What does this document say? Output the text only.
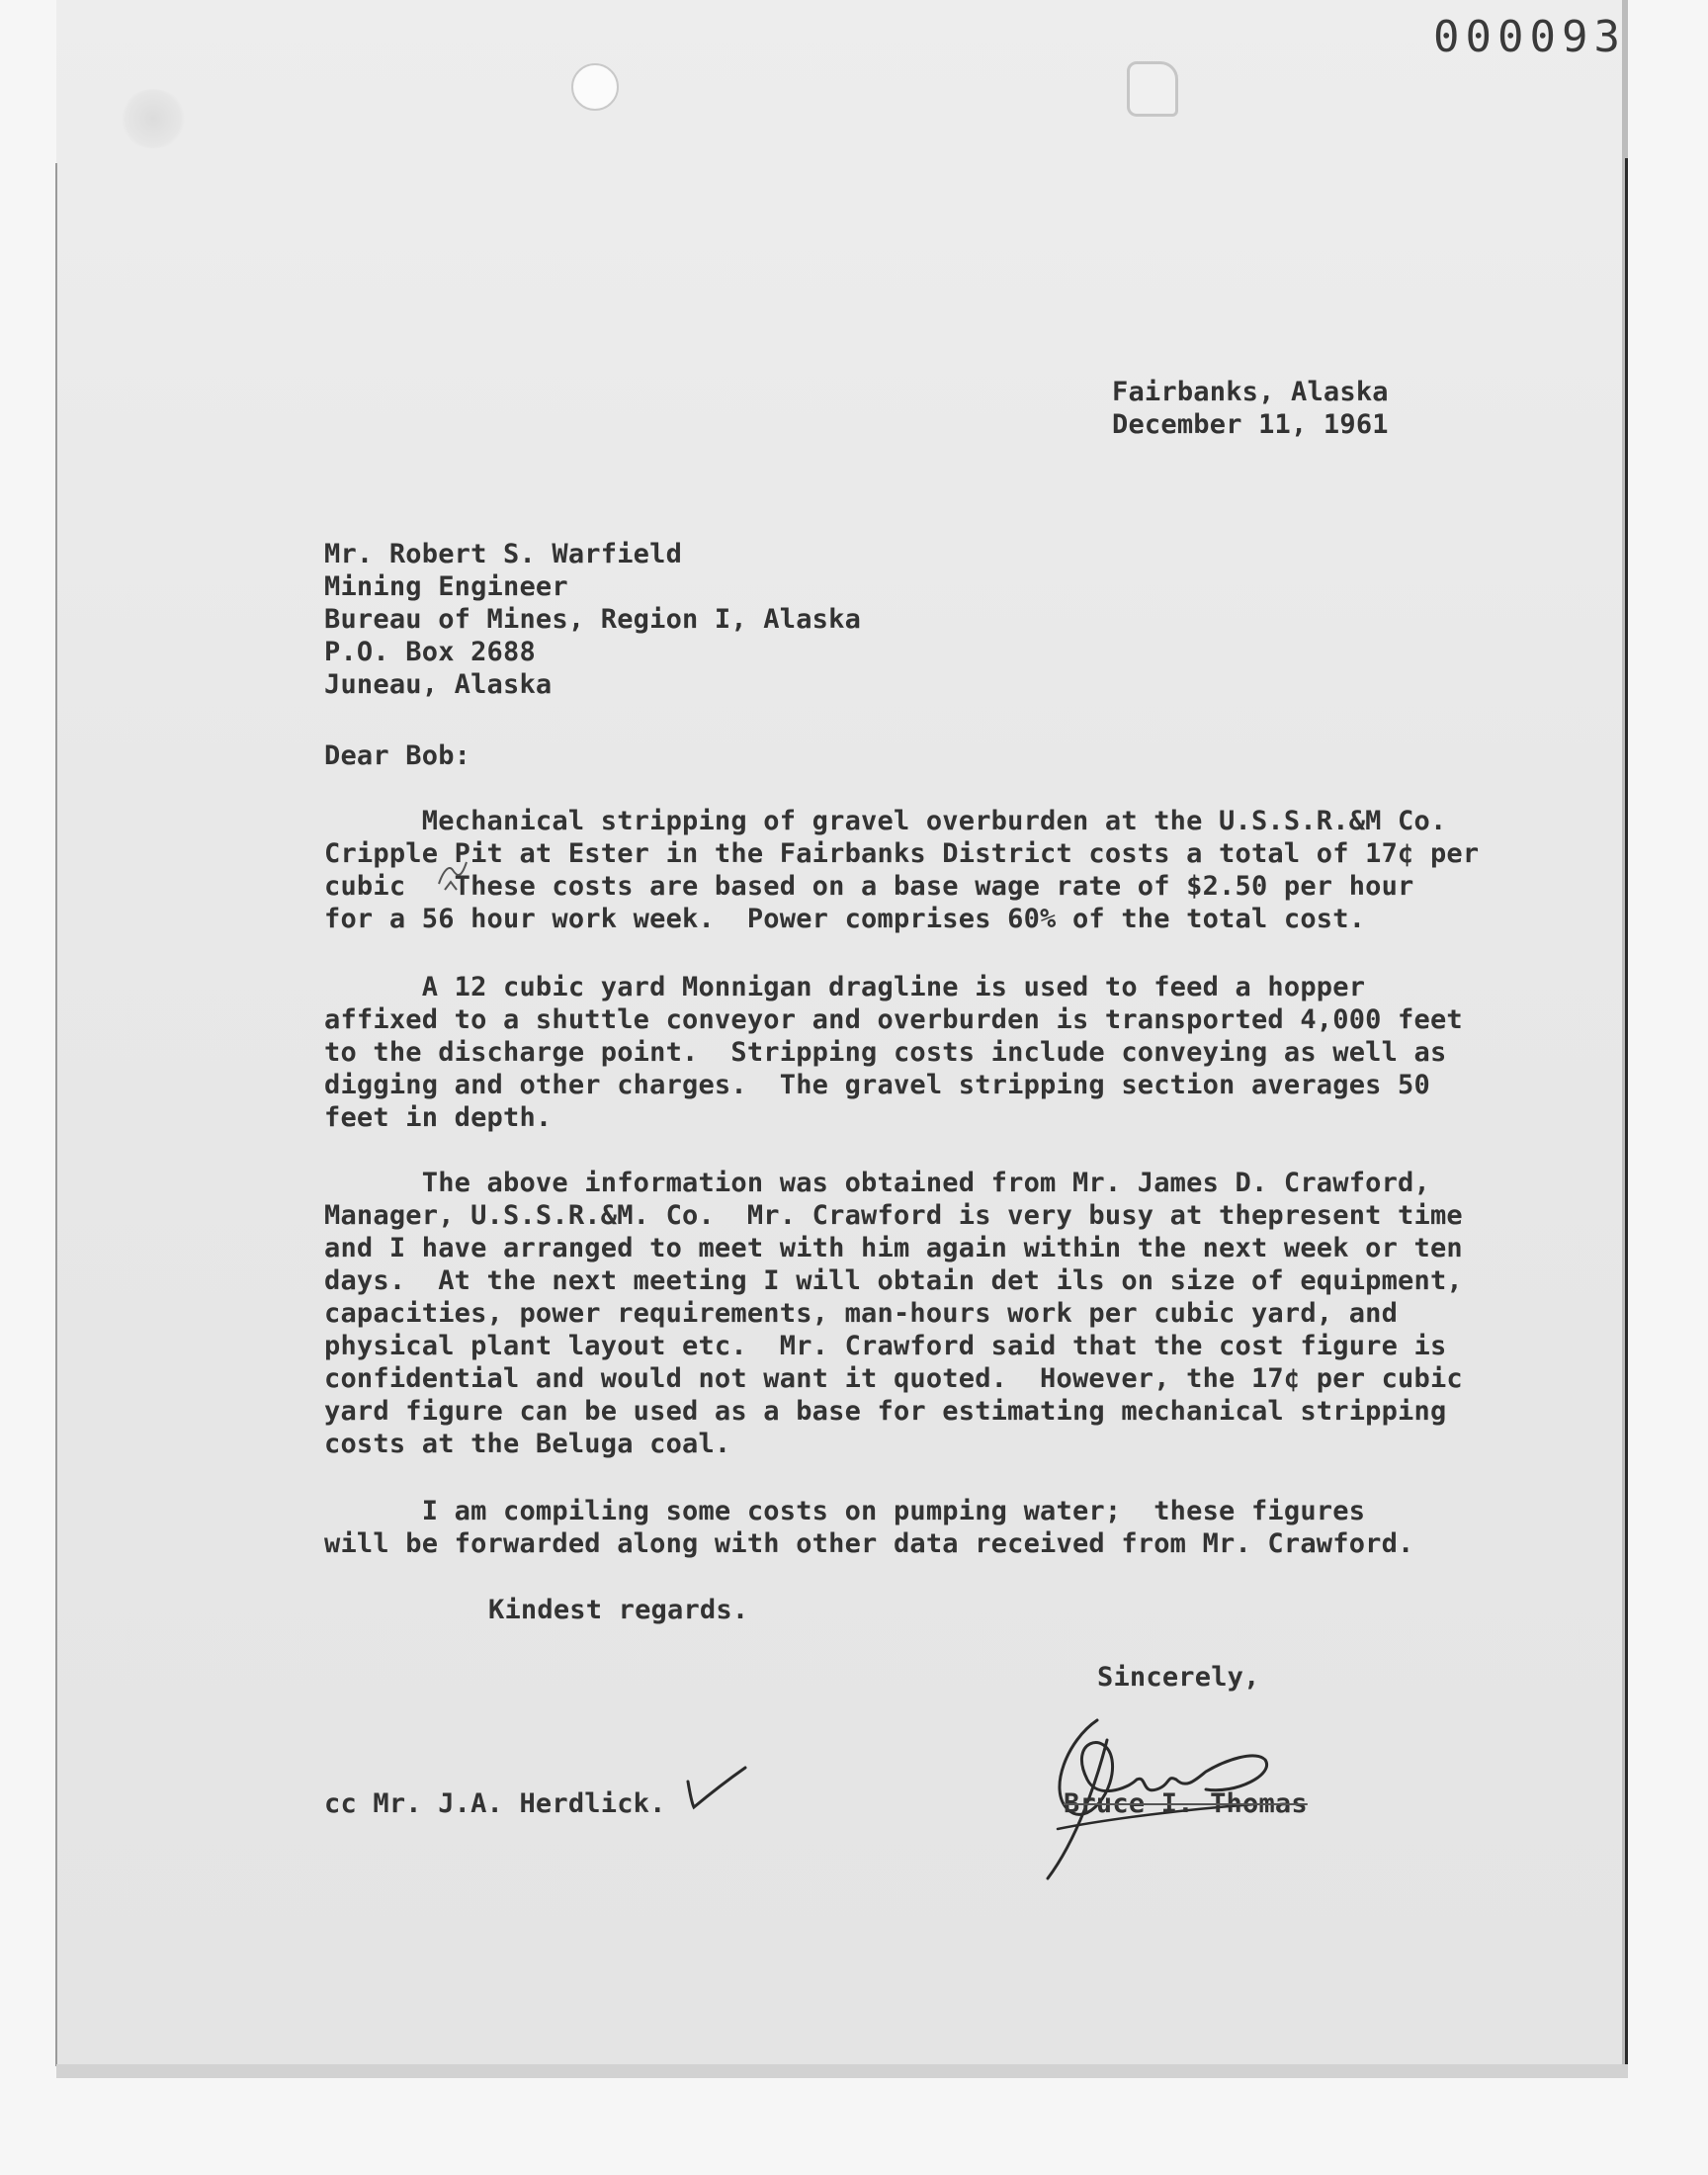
000093
Fairbanks, Alaska
December 11, 1961
Mr. Robert S. Warfield
Mining Engineer
Bureau of Mines, Region I, Alaska
P.O. Box 2688
Juneau, Alaska
Dear Bob:
Mechanical stripping of gravel overburden at the U.S.S.R.&M Co.
Cripple Pit at Ester in the Fairbanks District costs a total of 17¢ per
cubic   These costs are based on a base wage rate of $2.50 per hour
for a 56 hour work week.  Power comprises 60% of the total cost.
A 12 cubic yard Monnigan dragline is used to feed a hopper
affixed to a shuttle conveyor and overburden is transported 4,000 feet
to the discharge point.  Stripping costs include conveying as well as
digging and other charges.  The gravel stripping section averages 50
feet in depth.
The above information was obtained from Mr. James D. Crawford,
Manager, U.S.S.R.&M. Co.  Mr. Crawford is very busy at thepresent time
and I have arranged to meet with him again within the next week or ten
days.  At the next meeting I will obtain det ils on size of equipment,
capacities, power requirements, man-hours work per cubic yard, and
physical plant layout etc.  Mr. Crawford said that the cost figure is
confidential and would not want it quoted.  However, the 17¢ per cubic
yard figure can be used as a base for estimating mechanical stripping
costs at the Beluga coal.
I am compiling some costs on pumping water;  these figures
will be forwarded along with other data received from Mr. Crawford.
Kindest regards.
Sincerely,
Bruce I. Thomas
cc Mr. J.A. Herdlick.
